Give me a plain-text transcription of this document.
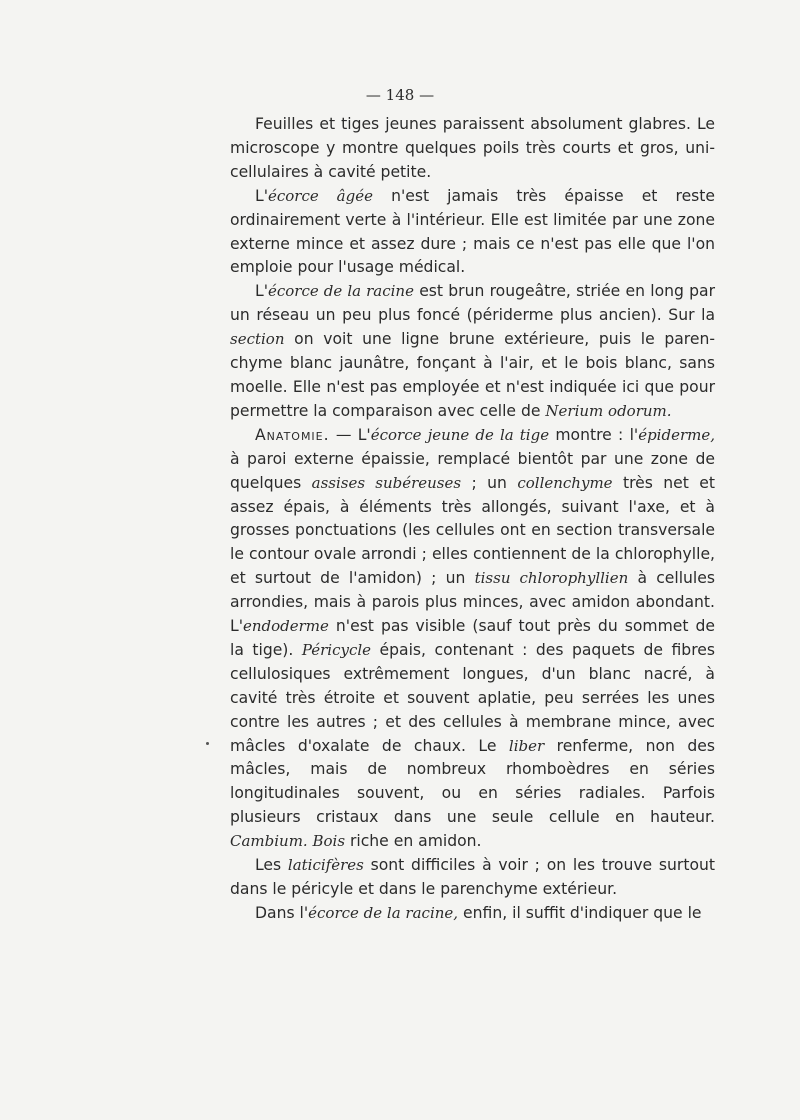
— 148 —

Feuilles et tiges jeunes paraissent absolument glabres. Le microscope y montre quelques poils très courts et gros, unicellulaires à cavité petite.

L'écorce âgée n'est jamais très épaisse et reste ordinairement verte à l'intérieur. Elle est limitée par une zone externe mince et assez dure ; mais ce n'est pas elle que l'on emploie pour l'usage médical.

L'écorce de la racine est brun rougeâtre, striée en long par un réseau un peu plus foncé (périderme plus ancien). Sur la section on voit une ligne brune extérieure, puis le parenchyme blanc jaunâtre, fonçant à l'air, et le bois blanc, sans moelle. Elle n'est pas employée et n'est indiquée ici que pour permettre la comparaison avec celle de Nerium odorum.

Anatomie. — L'écorce jeune de la tige montre : l'épiderme, à paroi externe épaissie, remplacé bientôt par une zone de quelques assises subéreuses ; un collenchyme très net et assez épais, à éléments très allongés, suivant l'axe, et à grosses ponctuations (les cellules ont en section transversale le contour ovale arrondi ; elles contiennent de la chlorophylle, et surtout de l'amidon) ; un tissu chlorophyllien à cellules arrondies, mais à parois plus minces, avec amidon abondant. L'endoderme n'est pas visible (sauf tout près du sommet de la tige). Péricycle épais, contenant : des paquets de fibres cellulosiques extrêmement longues, d'un blanc nacré, à cavité très étroite et souvent aplatie, peu serrées les unes contre les autres ; et des cellules à membrane mince, avec mâcles d'oxalate de chaux. Le liber renferme, non des mâcles, mais de nombreux rhomboèdres en séries longitudinales souvent, ou en séries radiales. Parfois plusieurs cristaux dans une seule cellule en hauteur. Cambium. Bois riche en amidon.

Les laticifères sont difficiles à voir ; on les trouve surtout dans le péricyle et dans le parenchyme extérieur.

Dans l'écorce de la racine, enfin, il suffit d'indiquer que le
